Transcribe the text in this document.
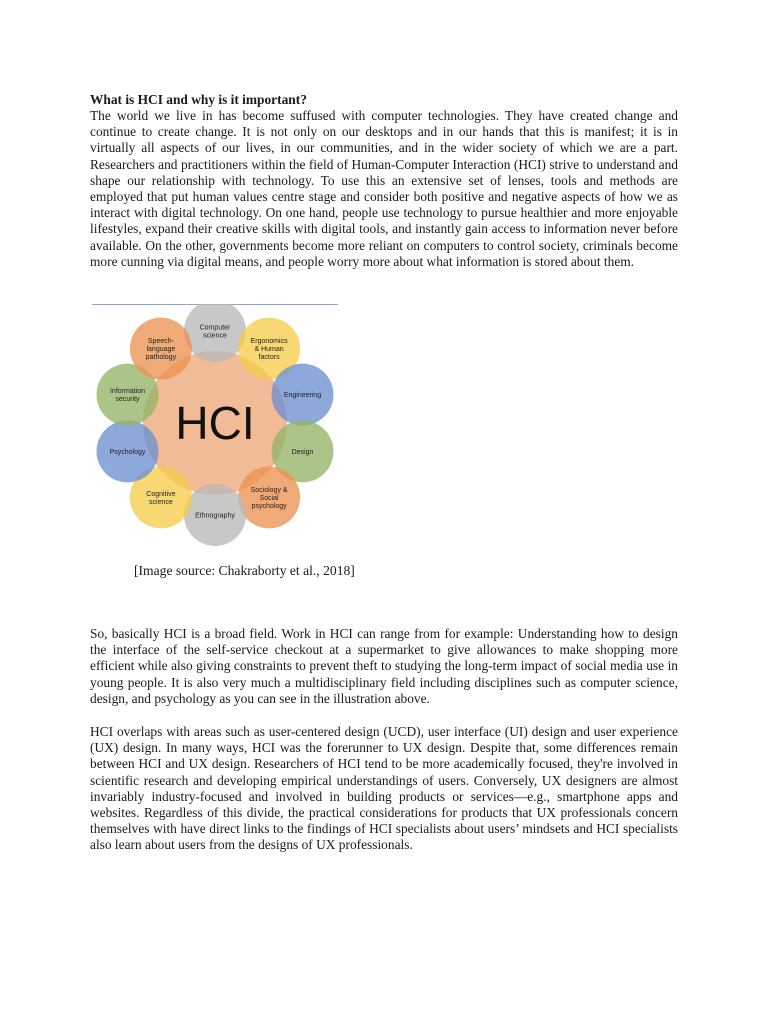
What is HCI and why is it important?

The world we live in has become suffused with computer technologies. They have created change and continue to create change. It is not only on our desktops and in our hands that this is manifest; it is in virtually all aspects of our lives, in our communities, and in the wider society of which we are a part. Researchers and practitioners within the field of Human-Computer Interaction (HCI) strive to understand and shape our relationship with technology. To use this an extensive set of lenses, tools and methods are employed that put human values centre stage and consider both positive and negative aspects of how we as interact with digital technology. On one hand, people use technology to pursue healthier and more enjoyable lifestyles, expand their creative skills with digital tools, and instantly gain access to information never before available. On the other, governments become more reliant on computers to control society, criminals become more cunning via digital means, and people worry more about what information is stored about them.

Computer science
Ergonomics & Human factors
Engineering
Design
Sociology & Social psychology
Ethnography
Cognitive science
Psychology
Information security
Speech-language pathology
HCI

[Image source: Chakraborty et al., 2018]

So, basically HCI is a broad field. Work in HCI can range from for example: Understanding how to design the interface of the self-service checkout at a supermarket to give allowances to make shopping more efficient while also giving constraints to prevent theft to studying the long-term impact of social media use in young people. It is also very much a multidisciplinary field including disciplines such as computer science, design, and psychology as you can see in the illustration above.

HCI overlaps with areas such as user-centered design (UCD), user interface (UI) design and user experience (UX) design. In many ways, HCI was the forerunner to UX design. Despite that, some differences remain between HCI and UX design. Researchers of HCI tend to be more academically focused, they're involved in scientific research and developing empirical understandings of users. Conversely, UX designers are almost invariably industry-focused and involved in building products or services—e.g., smartphone apps and websites. Regardless of this divide, the practical considerations for products that UX professionals concern themselves with have direct links to the findings of HCI specialists about users’ mindsets and HCI specialists also learn about users from the designs of UX professionals.
